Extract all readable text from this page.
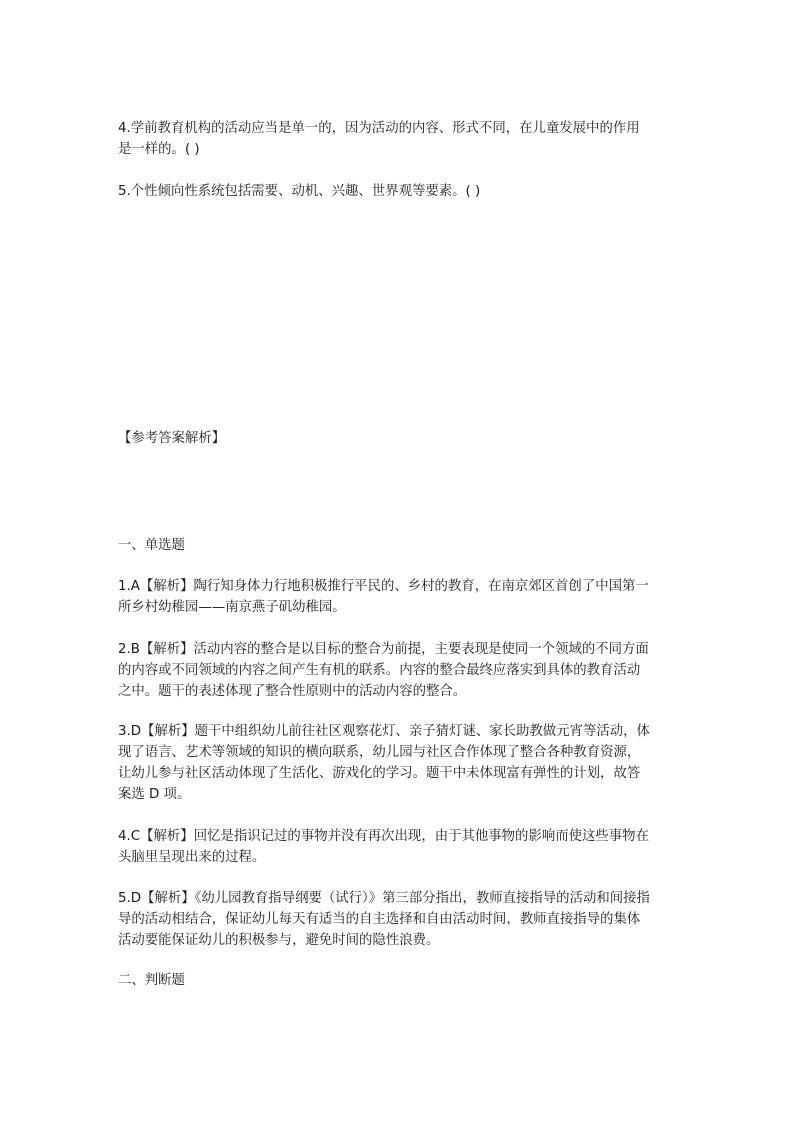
4.学前教育机构的活动应当是单一的，因为活动的内容、形式不同，在儿童发展中的作用
是一样的。( )
5.个性倾向性系统包括需要、动机、兴趣、世界观等要素。( )
【参考答案解析】
一、单选题
1.A【解析】陶行知身体力行地积极推行平民的、乡村的教育，在南京郊区首创了中国第一
所乡村幼稚园——南京燕子矶幼稚园。
2.B【解析】活动内容的整合是以目标的整合为前提，主要表现是使同一个领域的不同方面
的内容或不同领域的内容之间产生有机的联系。内容的整合最终应落实到具体的教育活动
之中。题干的表述体现了整合性原则中的活动内容的整合。
3.D【解析】题干中组织幼儿前往社区观察花灯、亲子猜灯谜、家长助教做元宵等活动，体
现了语言、艺术等领域的知识的横向联系，幼儿园与社区合作体现了整合各种教育资源，
让幼儿参与社区活动体现了生活化、游戏化的学习。题干中未体现富有弹性的计划，故答
案选 D 项。
4.C【解析】回忆是指识记过的事物并没有再次出现，由于其他事物的影响而使这些事物在
头脑里呈现出来的过程。
5.D【解析】《幼儿园教育指导纲要（试行）》第三部分指出，教师直接指导的活动和间接指
导的活动相结合，保证幼儿每天有适当的自主选择和自由活动时间，教师直接指导的集体
活动要能保证幼儿的积极参与，避免时间的隐性浪费。
二、判断题
